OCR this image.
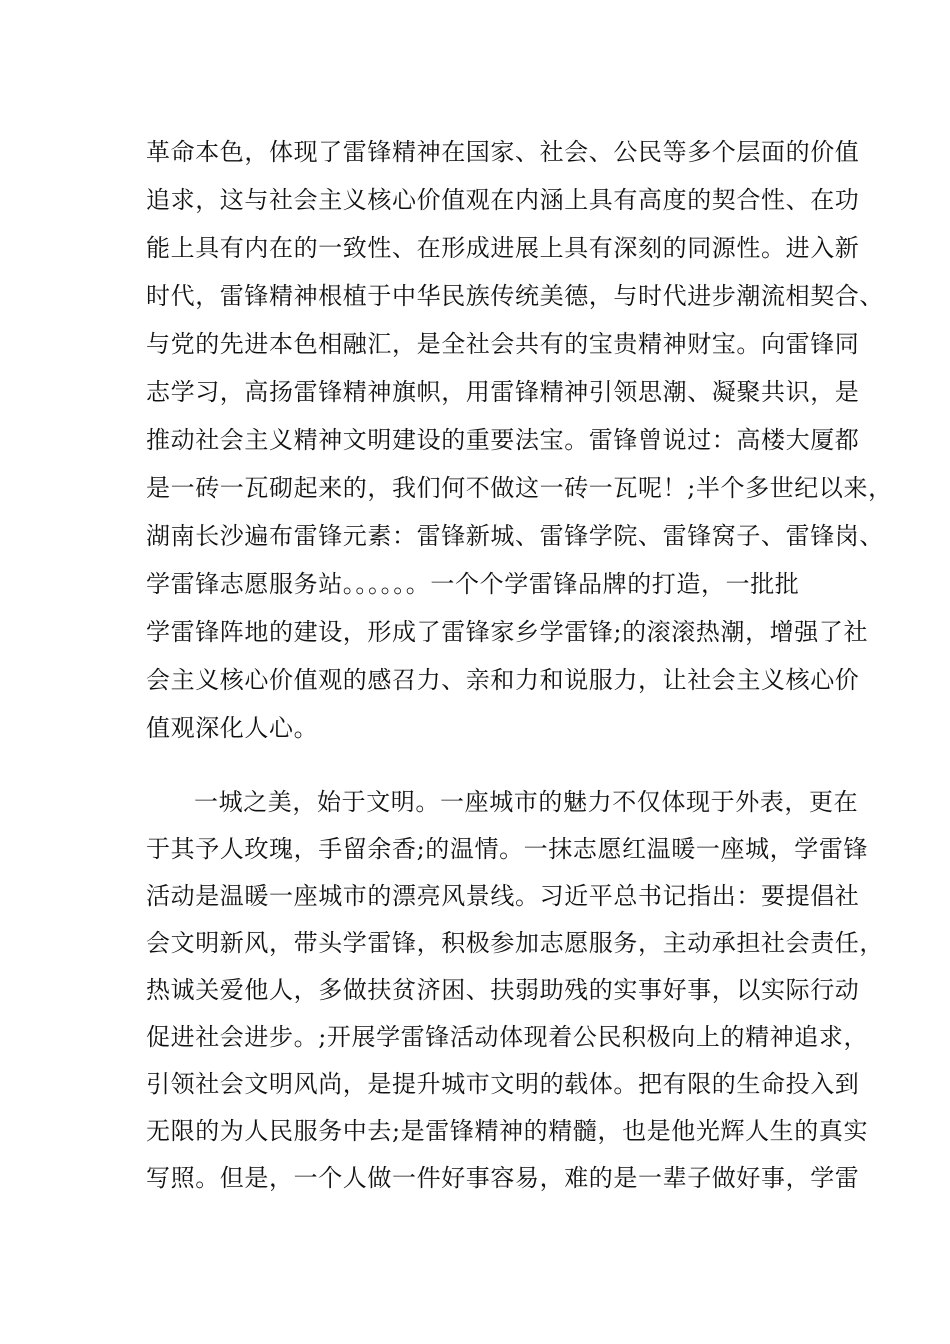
革命本色，体现了雷锋精神在国家、社会、公民等多个层面的价值
追求，这与社会主义核心价值观在内涵上具有高度的契合性、在功
能上具有内在的一致性、在形成进展上具有深刻的同源性。进入新
时代，雷锋精神根植于中华民族传统美德，与时代进步潮流相契合、
与党的先进本色相融汇，是全社会共有的宝贵精神财宝。向雷锋同
志学习，高扬雷锋精神旗帜，用雷锋精神引领思潮、凝聚共识，是
推动社会主义精神文明建设的重要法宝。雷锋曾说过：高楼大厦都
是一砖一瓦砌起来的，我们何不做这一砖一瓦呢！;半个多世纪以来，
湖南长沙遍布雷锋元素：雷锋新城、雷锋学院、雷锋窝子、雷锋岗、
学雷锋志愿服务站。。。。。。一个个学雷锋品牌的打造，一批批
学雷锋阵地的建设，形成了雷锋家乡学雷锋;的滚滚热潮，增强了社
会主义核心价值观的感召力、亲和力和说服力，让社会主义核心价
值观深化人心。
一城之美，始于文明。一座城市的魅力不仅体现于外表，更在
于其予人玫瑰，手留余香;的温情。一抹志愿红温暖一座城，学雷锋
活动是温暖一座城市的漂亮风景线。习近平总书记指出：要提倡社
会文明新风，带头学雷锋，积极参加志愿服务，主动承担社会责任，
热诚关爱他人，多做扶贫济困、扶弱助残的实事好事，以实际行动
促进社会进步。;开展学雷锋活动体现着公民积极向上的精神追求，
引领社会文明风尚，是提升城市文明的载体。把有限的生命投入到
无限的为人民服务中去;是雷锋精神的精髓，也是他光辉人生的真实
写照。但是，一个人做一件好事容易，难的是一辈子做好事，学雷
